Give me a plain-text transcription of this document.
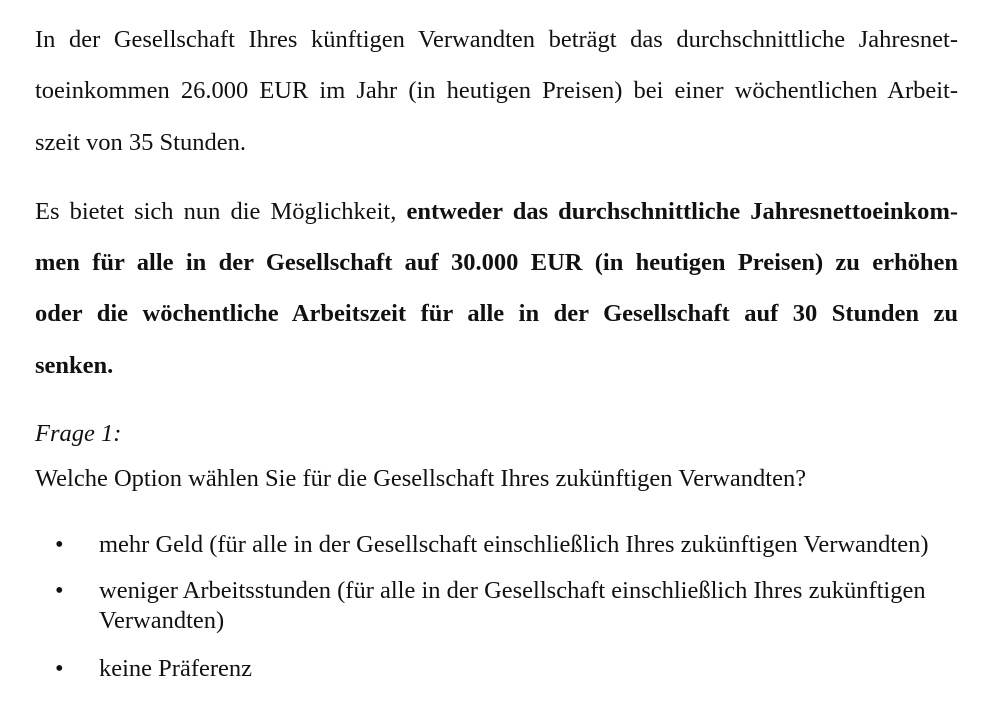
In der Gesellschaft Ihres künftigen Verwandten beträgt das durchschnittliche Jahresnet-
toeinkommen 26.000 EUR im Jahr (in heutigen Preisen) bei einer wöchentlichen Arbeit-
szeit von 35 Stunden.
Es bietet sich nun die Möglichkeit, entweder das durchschnittliche Jahresnettoeinkom-
men für alle in der Gesellschaft auf 30.000 EUR (in heutigen Preisen) zu erhöhen
oder die wöchentliche Arbeitszeit für alle in der Gesellschaft auf 30 Stunden zu
senken.
Frage 1:
Welche Option wählen Sie für die Gesellschaft Ihres zukünftigen Verwandten?
• mehr Geld (für alle in der Gesellschaft einschließlich Ihres zukünftigen Verwandten)
• weniger Arbeitsstunden (für alle in der Gesellschaft einschließlich Ihres zukünftigen
Verwandten)
• keine Präferenz
